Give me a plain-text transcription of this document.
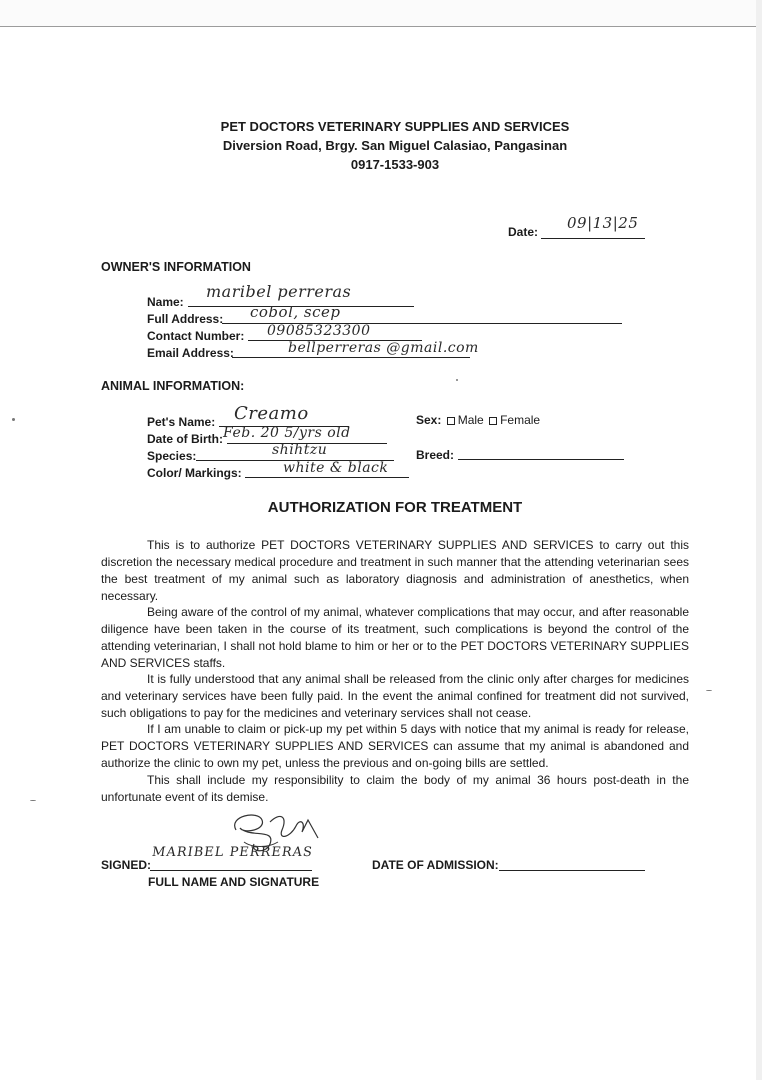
PET DOCTORS VETERINARY SUPPLIES AND SERVICES
Diversion Road, Brgy. San Miguel Calasiao, Pangasinan
0917-1533-903
Date: 09|13|25
OWNER'S INFORMATION
Name:
maribel perreras
Full Address: cobol, scep
Contact Number: 09085323300
Email Address:	bellperreras @gmail.com
ANIMAL INFORMATION:
Pet's Name: Creamo
Date of Birth: Feb. 20 5/yrs old
Species:	shihtzu
Color/ Markings:	white & black
Sex: Male Female
Breed:
AUTHORIZATION FOR TREATMENT

This is to authorize PET DOCTORS VETERINARY SUPPLIES AND SERVICES to carry out this discretion the necessary medical procedure and treatment in such manner that the attending veterinarian sees the best treatment of my animal such as laboratory diagnosis and administration of anesthetics, when necessary.

Being aware of the control of my animal, whatever complications that may occur, and after reasonable diligence have been taken in the course of its treatment, such complications is beyond the control of the attending veterinarian, I shall not hold blame to him or her or to the PET DOCTORS VETERINARY SUPPLIES AND SERVICES staffs.

It is fully understood that any animal shall be released from the clinic only after charges for medicines and veterinary services have been fully paid. In the event the animal confined for treatment did not survived, such obligations to pay for the medicines and veterinary services shall not cease.

If I am unable to claim or pick-up my pet within 5 days with notice that my animal is ready for release, PET DOCTORS VETERINARY SUPPLIES AND SERVICES can assume that my animal is abandoned and authorize the clinic to own my pet, unless the previous and on-going bills are settled.

This shall include my responsibility to claim the body of my animal 36 hours post-death in the unfortunate event of its demise.

SIGNED:
MARIBEL PERRERAS
FULL NAME AND SIGNATURE
DATE OF ADMISSION:
